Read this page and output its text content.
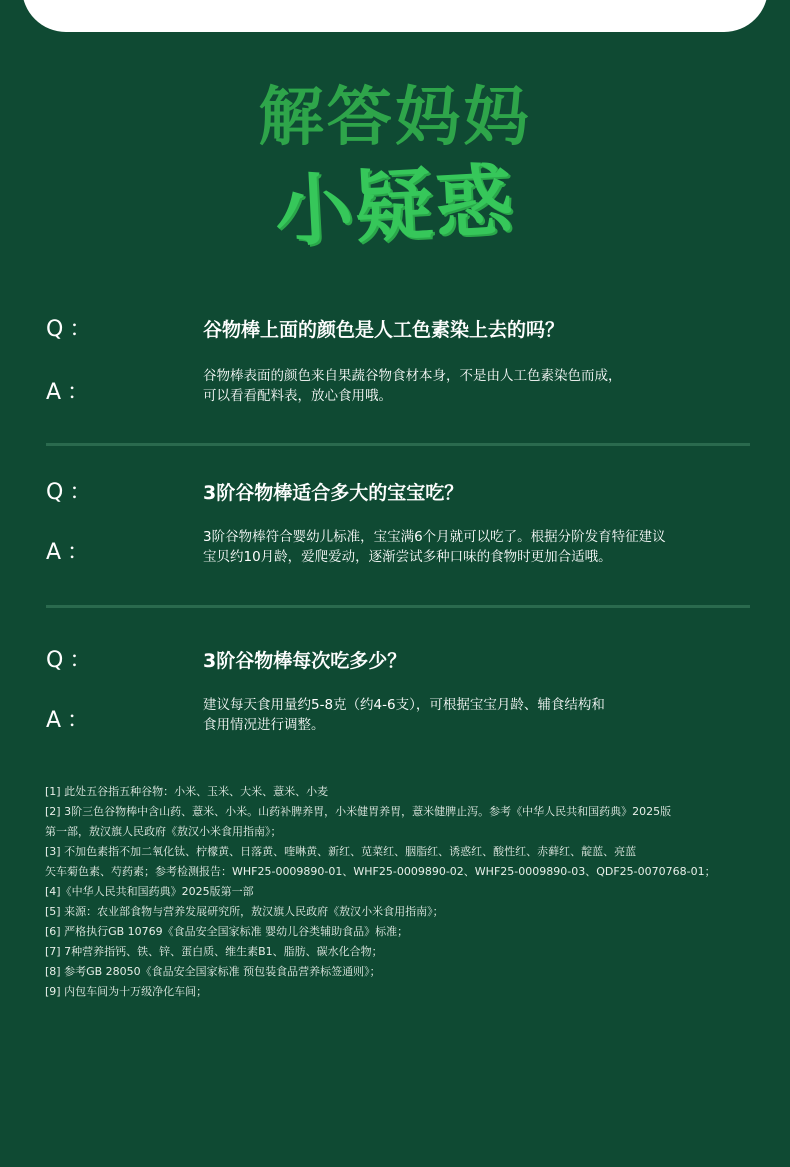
解答妈妈
小疑惑
Q：	谷物棒上面的颜色是人工色素染上去的吗？
A：
谷物棒表面的颜色来自果蔬谷物食材本身，不是由人工色素染色而成，
可以看看配料表，放心食用哦。
Q：	3阶谷物棒适合多大的宝宝吃？
A：
3阶谷物棒符合婴幼儿标准，宝宝满6个月就可以吃了。根据分阶发育特征建议
宝贝约10月龄，爱爬爱动，逐渐尝试多种口味的食物时更加合适哦。
Q：	3阶谷物棒每次吃多少？
A：
建议每天食用量约5-8克（约4-6支），可根据宝宝月龄、辅食结构和
食用情况进行调整。
[1] 此处五谷指五种谷物：小米、玉米、大米、薏米、小麦
[2] 3阶三色谷物棒中含山药、薏米、小米。山药补脾养胃，小米健胃养胃，薏米健脾止泻。参考《中华人民共和国药典》2025版
第一部，敖汉旗人民政府《敖汉小米食用指南》；
[3] 不加色素指不加二氧化钛、柠檬黄、日落黄、喹啉黄、新红、苋菜红、胭脂红、诱惑红、酸性红、赤藓红、靛蓝、亮蓝
矢车菊色素、芍药素；参考检测报告：WHF25-0009890-01、WHF25-0009890-02、WHF25-0009890-03、QDF25-0070768-01；
[4]《中华人民共和国药典》2025版第一部
[5] 来源：农业部食物与营养发展研究所，敖汉旗人民政府《敖汉小米食用指南》；
[6] 严格执行GB 10769《食品安全国家标准 婴幼儿谷类辅助食品》标准；
[7] 7种营养指钙、铁、锌、蛋白质、维生素B1、脂肪、碳水化合物；
[8] 参考GB 28050《食品安全国家标准 预包装食品营养标签通则》；
[9] 内包车间为十万级净化车间；
